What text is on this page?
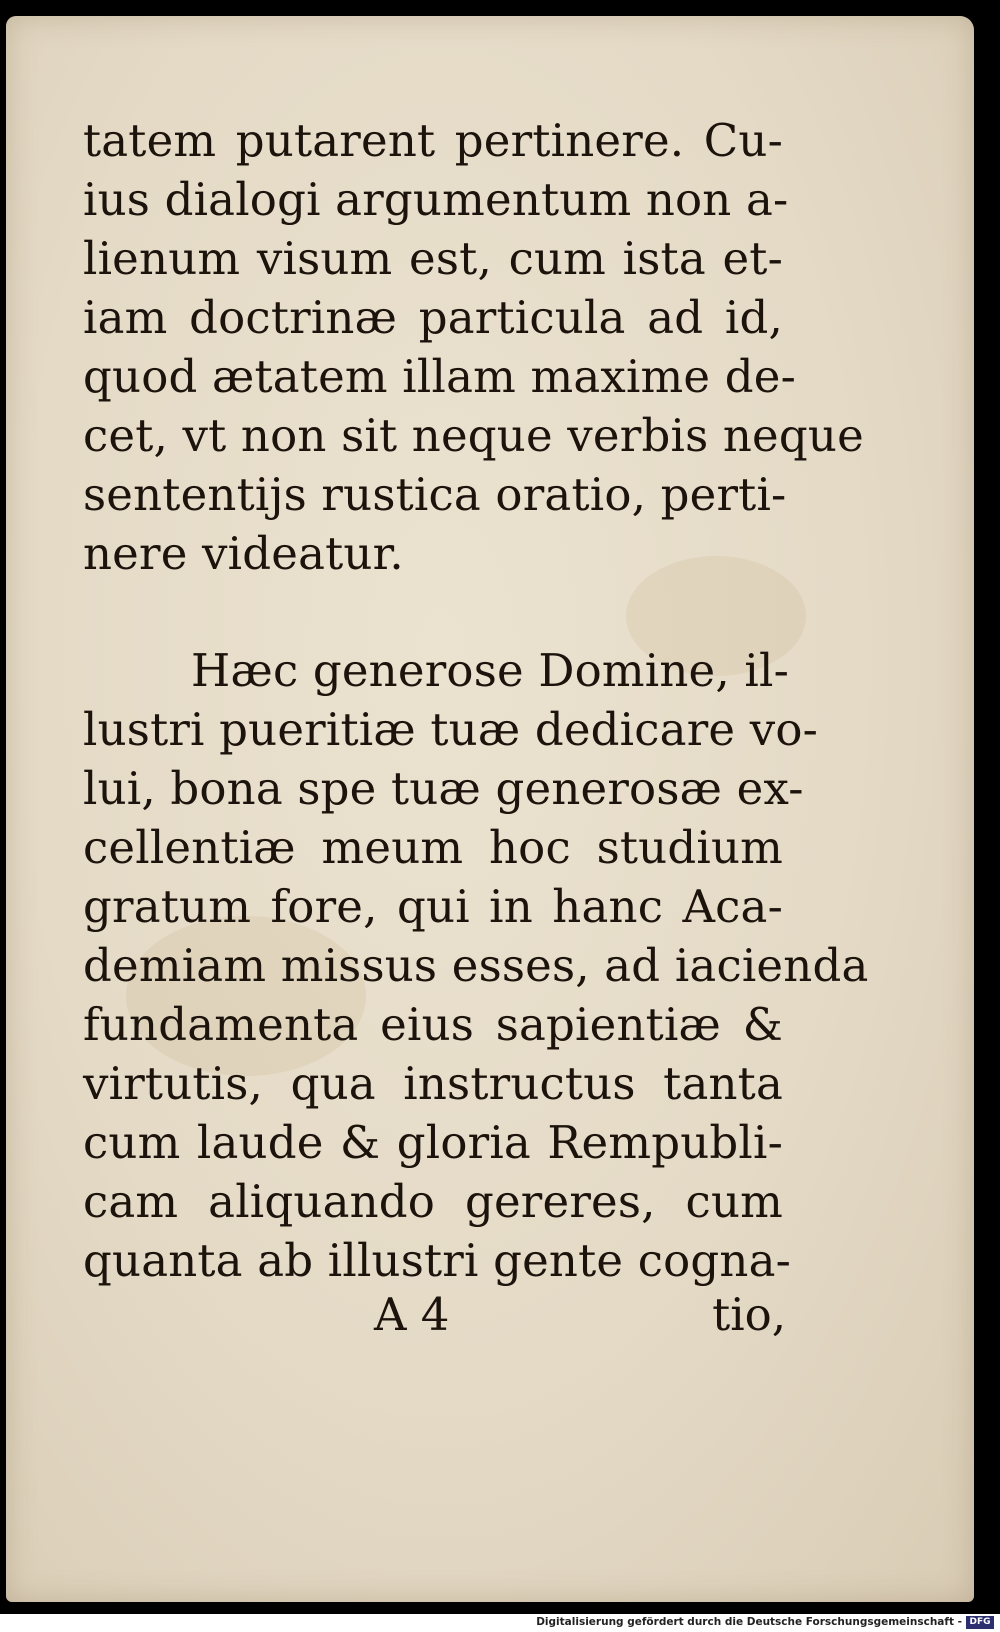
tatem putarent pertinere. Cu-
ius dialogi argumentum non a-
lienum visum est, cum ista et-
iam doctrinæ particula ad id,
quod ætatem illam maxime de-
cet, vt non sit neque verbis neque
sententijs rustica oratio, perti-
nere videatur.
Hæc generose Domine, il-
lustri pueritiæ tuæ dedicare vo-
lui, bona spe tuæ generosæ ex-
cellentiæ meum hoc studium
gratum fore, qui in hanc Aca-
demiam missus esses, ad iacienda
fundamenta eius sapientiæ &
virtutis, qua instructus tanta
cum laude & gloria Rempubli-
cam aliquando gereres, cum
quanta ab illustri gente cogna-
A 4	tio,
Digitalisierung gefördert durch die Deutsche Forschungsgemeinschaft - DFG
